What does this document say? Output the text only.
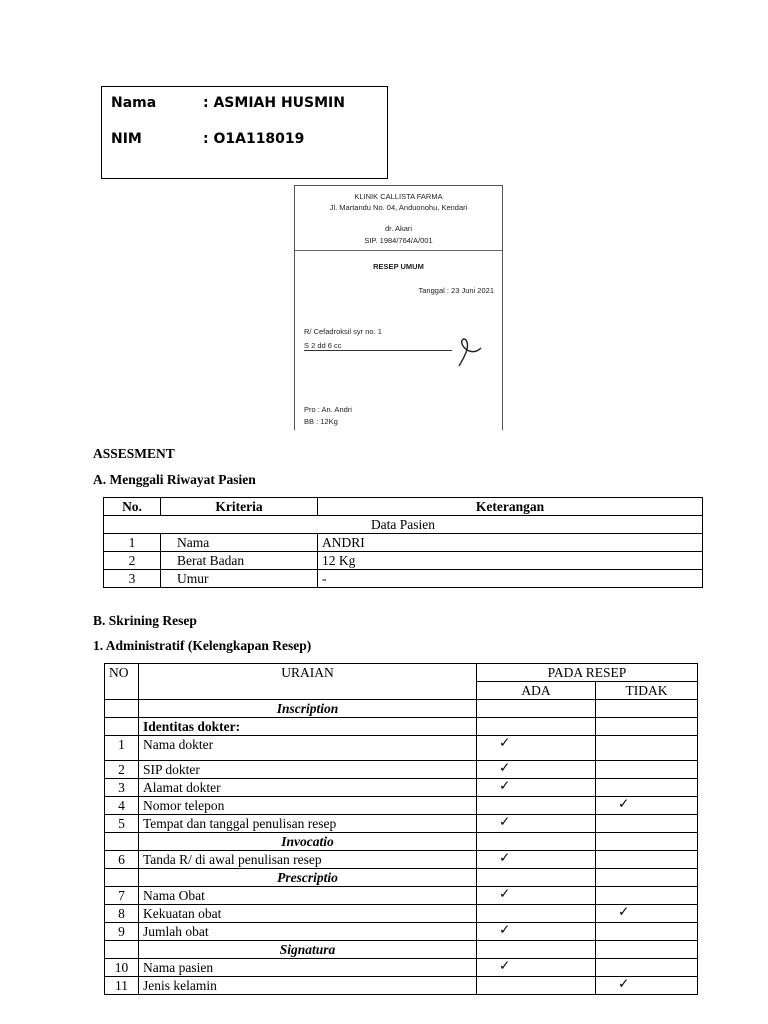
Nama	: ASMIAH HUSMIN
NIM	: O1A118019
KLINIK CALLISTA FARMA
Jl. Martandu No. 04, Anduonohu, Kendari
dr. Akari
SIP. 1984/764/A/001
RESEP UMUM
Tanggal : 23 Juni 2021
R/ Cefadroksil syr no. 1
S 2 dd 6 cc
Pro : An. Andri
BB : 12Kg
ASSESMENT
A. Menggali Riwayat Pasien
No.	Kriteria	Keterangan
Data Pasien		
1	Nama	ANDRI
2	Berat Badan	12 Kg
3	Umur	-
B. Skrining Resep
1. Administratif (Kelengkapan Resep)
NO	URAIAN	PADA RESEP	
		ADA	TIDAK
	Inscription		
	Identitas dokter:		
1	Nama dokter	✓	
2	SIP dokter	✓	
3	Alamat dokter	✓	
4	Nomor telepon		✓
5	Tempat dan tanggal penulisan resep	✓	
	Invocatio		
6	Tanda R/ di awal penulisan resep	✓	
	Prescriptio		
7	Nama Obat	✓	
8	Kekuatan obat		✓
9	Jumlah obat	✓	
	Signatura		
10	Nama pasien	✓	
11	Jenis kelamin		✓
